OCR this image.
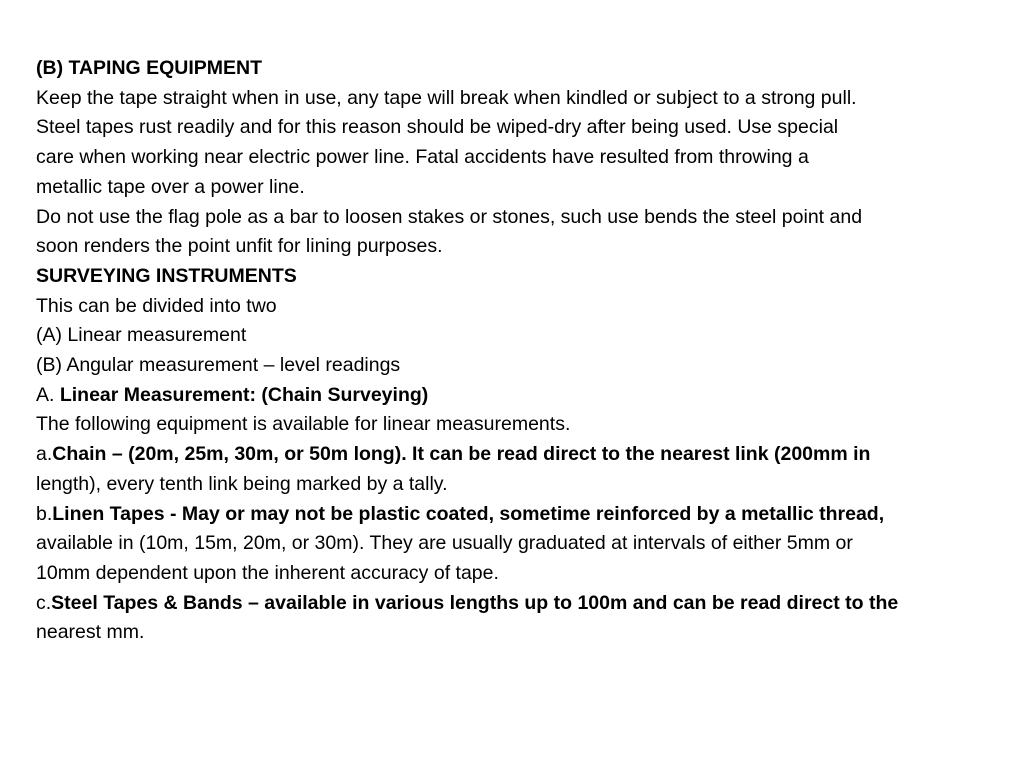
(B) TAPING EQUIPMENT
Keep the tape straight when in use, any tape will break when kindled or subject to a strong pull.
Steel tapes rust readily and for this reason should be wiped-dry after being used. Use special
care when working near electric power line. Fatal accidents have resulted from throwing a
metallic tape over a power line.
Do not use the flag pole as a bar to loosen stakes or stones, such use bends the steel point and
soon renders the point unfit for lining purposes.
SURVEYING INSTRUMENTS
This can be divided into two
(A) Linear measurement
(B) Angular measurement – level readings
A. Linear Measurement: (Chain Surveying)
The following equipment is available for linear measurements.
a.Chain – (20m, 25m, 30m, or 50m long). It can be read direct to the nearest link (200mm in
length), every tenth link being marked by a tally.
b.Linen Tapes - May or may not be plastic coated, sometime reinforced by a metallic thread,
available in (10m, 15m, 20m, or 30m). They are usually graduated at intervals of either 5mm or
10mm dependent upon the inherent accuracy of tape.
c.Steel Tapes & Bands – available in various lengths up to 100m and can be read direct to the
nearest mm.
